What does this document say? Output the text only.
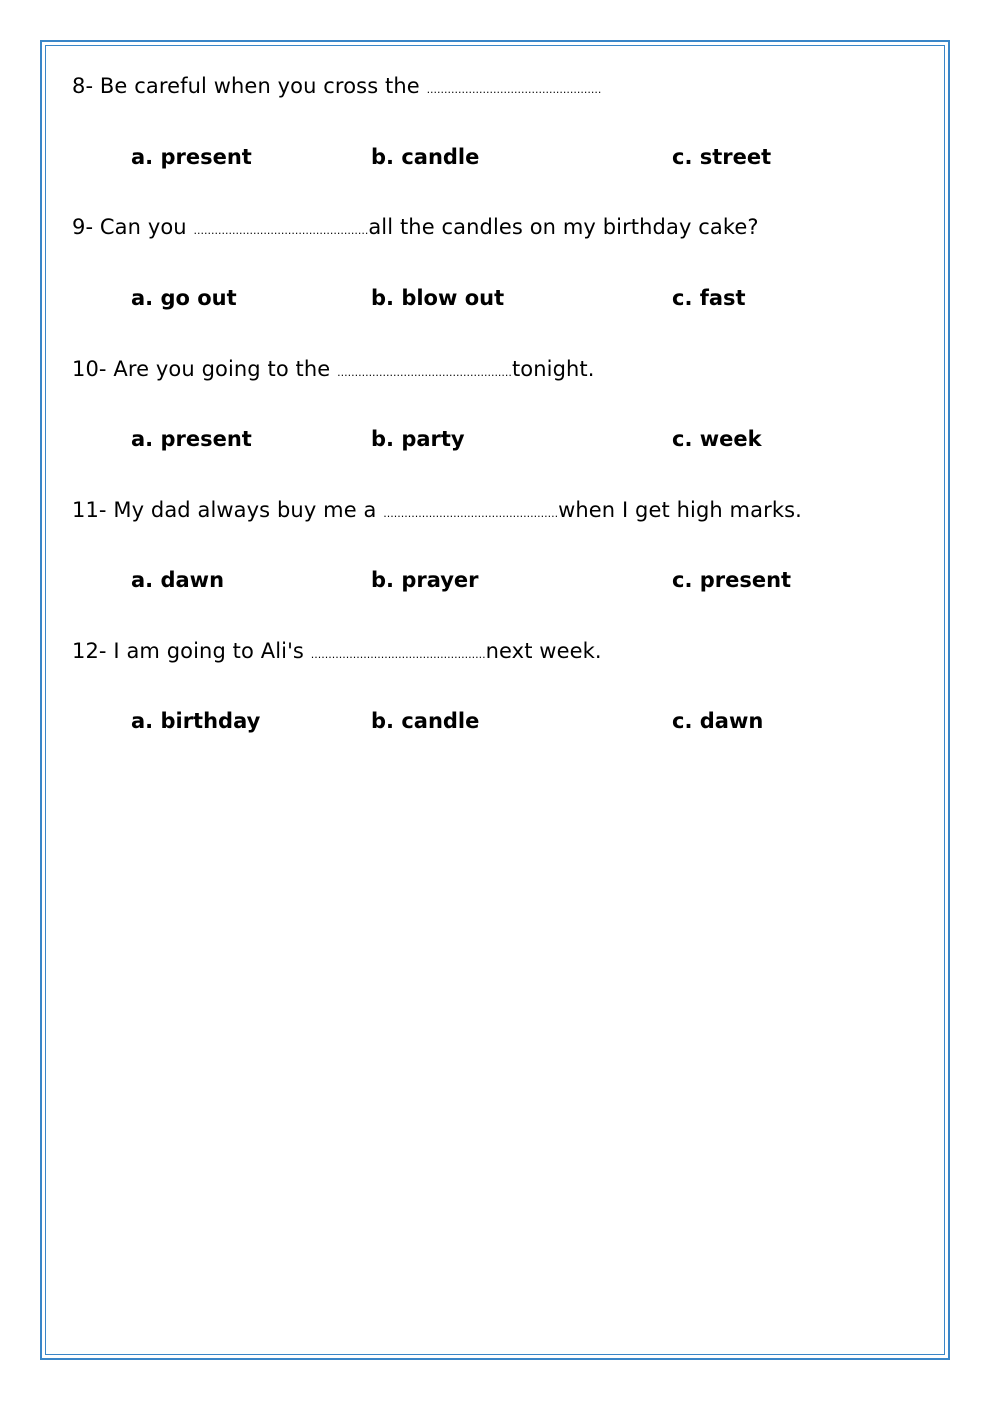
8- Be careful when you cross the ..................................................
a. present	b. candle	c. street
9- Can you ..................................................all the candles on my birthday cake?
a. go out	b. blow out	c. fast
10- Are you going to the ..................................................tonight.
a. present	b. party	c. week
11- My dad always buy me a ..................................................when I get high marks.
a. dawn	b. prayer	c. present
12- I am going to Ali's ..................................................next week.
a. birthday	b. candle	c. dawn
